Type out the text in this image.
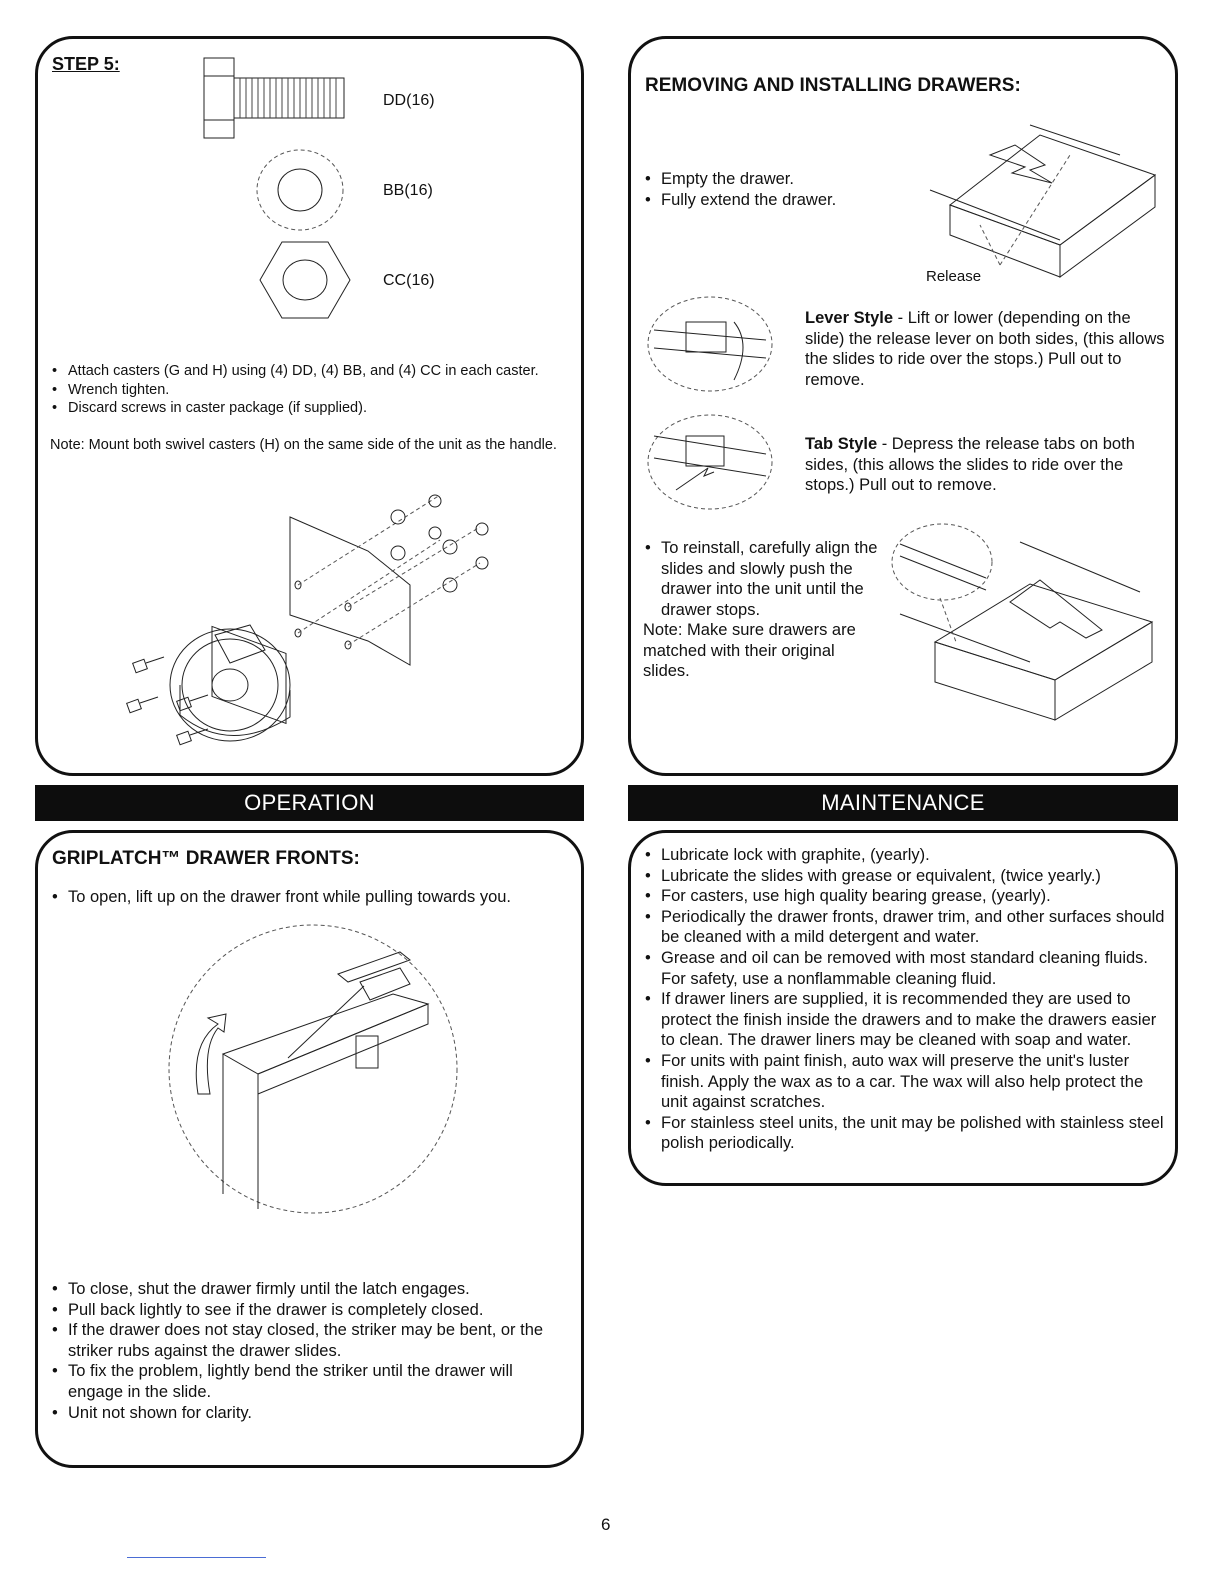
STEP 5:
DD(16)
BB(16)
CC(16)
• Attach casters (G and H) using (4) DD, (4) BB, and (4) CC in each caster.
• Wrench tighten.
• Discard screws in caster package (if supplied).
Note: Mount both swivel casters (H) on the same side of the unit as the handle.
REMOVING AND INSTALLING DRAWERS:
• Empty the drawer.
• Fully extend the drawer.
Release
Lever Style - Lift or lower (depending on the slide) the release lever on both sides, (this allows the slides to ride over the stops.) Pull out to remove.
Tab Style - Depress the release tabs on both sides, (this allows the slides to ride over the stops.) Pull out to remove.
• To reinstall, carefully align the slides and slowly push the drawer into the unit until the drawer stops.
Note: Make sure drawers are matched with their original slides.
OPERATION
GRIPLATCH™ DRAWER FRONTS:
• To open, lift up on the drawer front while pulling towards you.
• To close, shut the drawer firmly until the latch engages.
• Pull back lightly to see if the drawer is completely closed.
• If the drawer does not stay closed, the striker may be bent, or the striker rubs against the drawer slides.
• To fix the problem, lightly bend the striker until the drawer will engage in the slide.
• Unit not shown for clarity.
MAINTENANCE
• Lubricate lock with graphite, (yearly).
• Lubricate the slides with grease or equivalent, (twice yearly.)
• For casters, use high quality bearing grease, (yearly).
• Periodically the drawer fronts, drawer trim, and other surfaces should be cleaned with a mild detergent and water.
• Grease and oil can be removed with most standard cleaning fluids. For safety, use a nonflammable cleaning fluid.
• If drawer liners are supplied, it is recommended they are used to protect the finish inside the drawers and to make the drawers easier to clean. The drawer liners may be cleaned with soap and water.
• For units with paint finish, auto wax will preserve the unit's luster finish. Apply the wax as to a car. The wax will also help protect the unit against scratches.
• For stainless steel units, the unit may be polished with stainless steel polish periodically.
6
